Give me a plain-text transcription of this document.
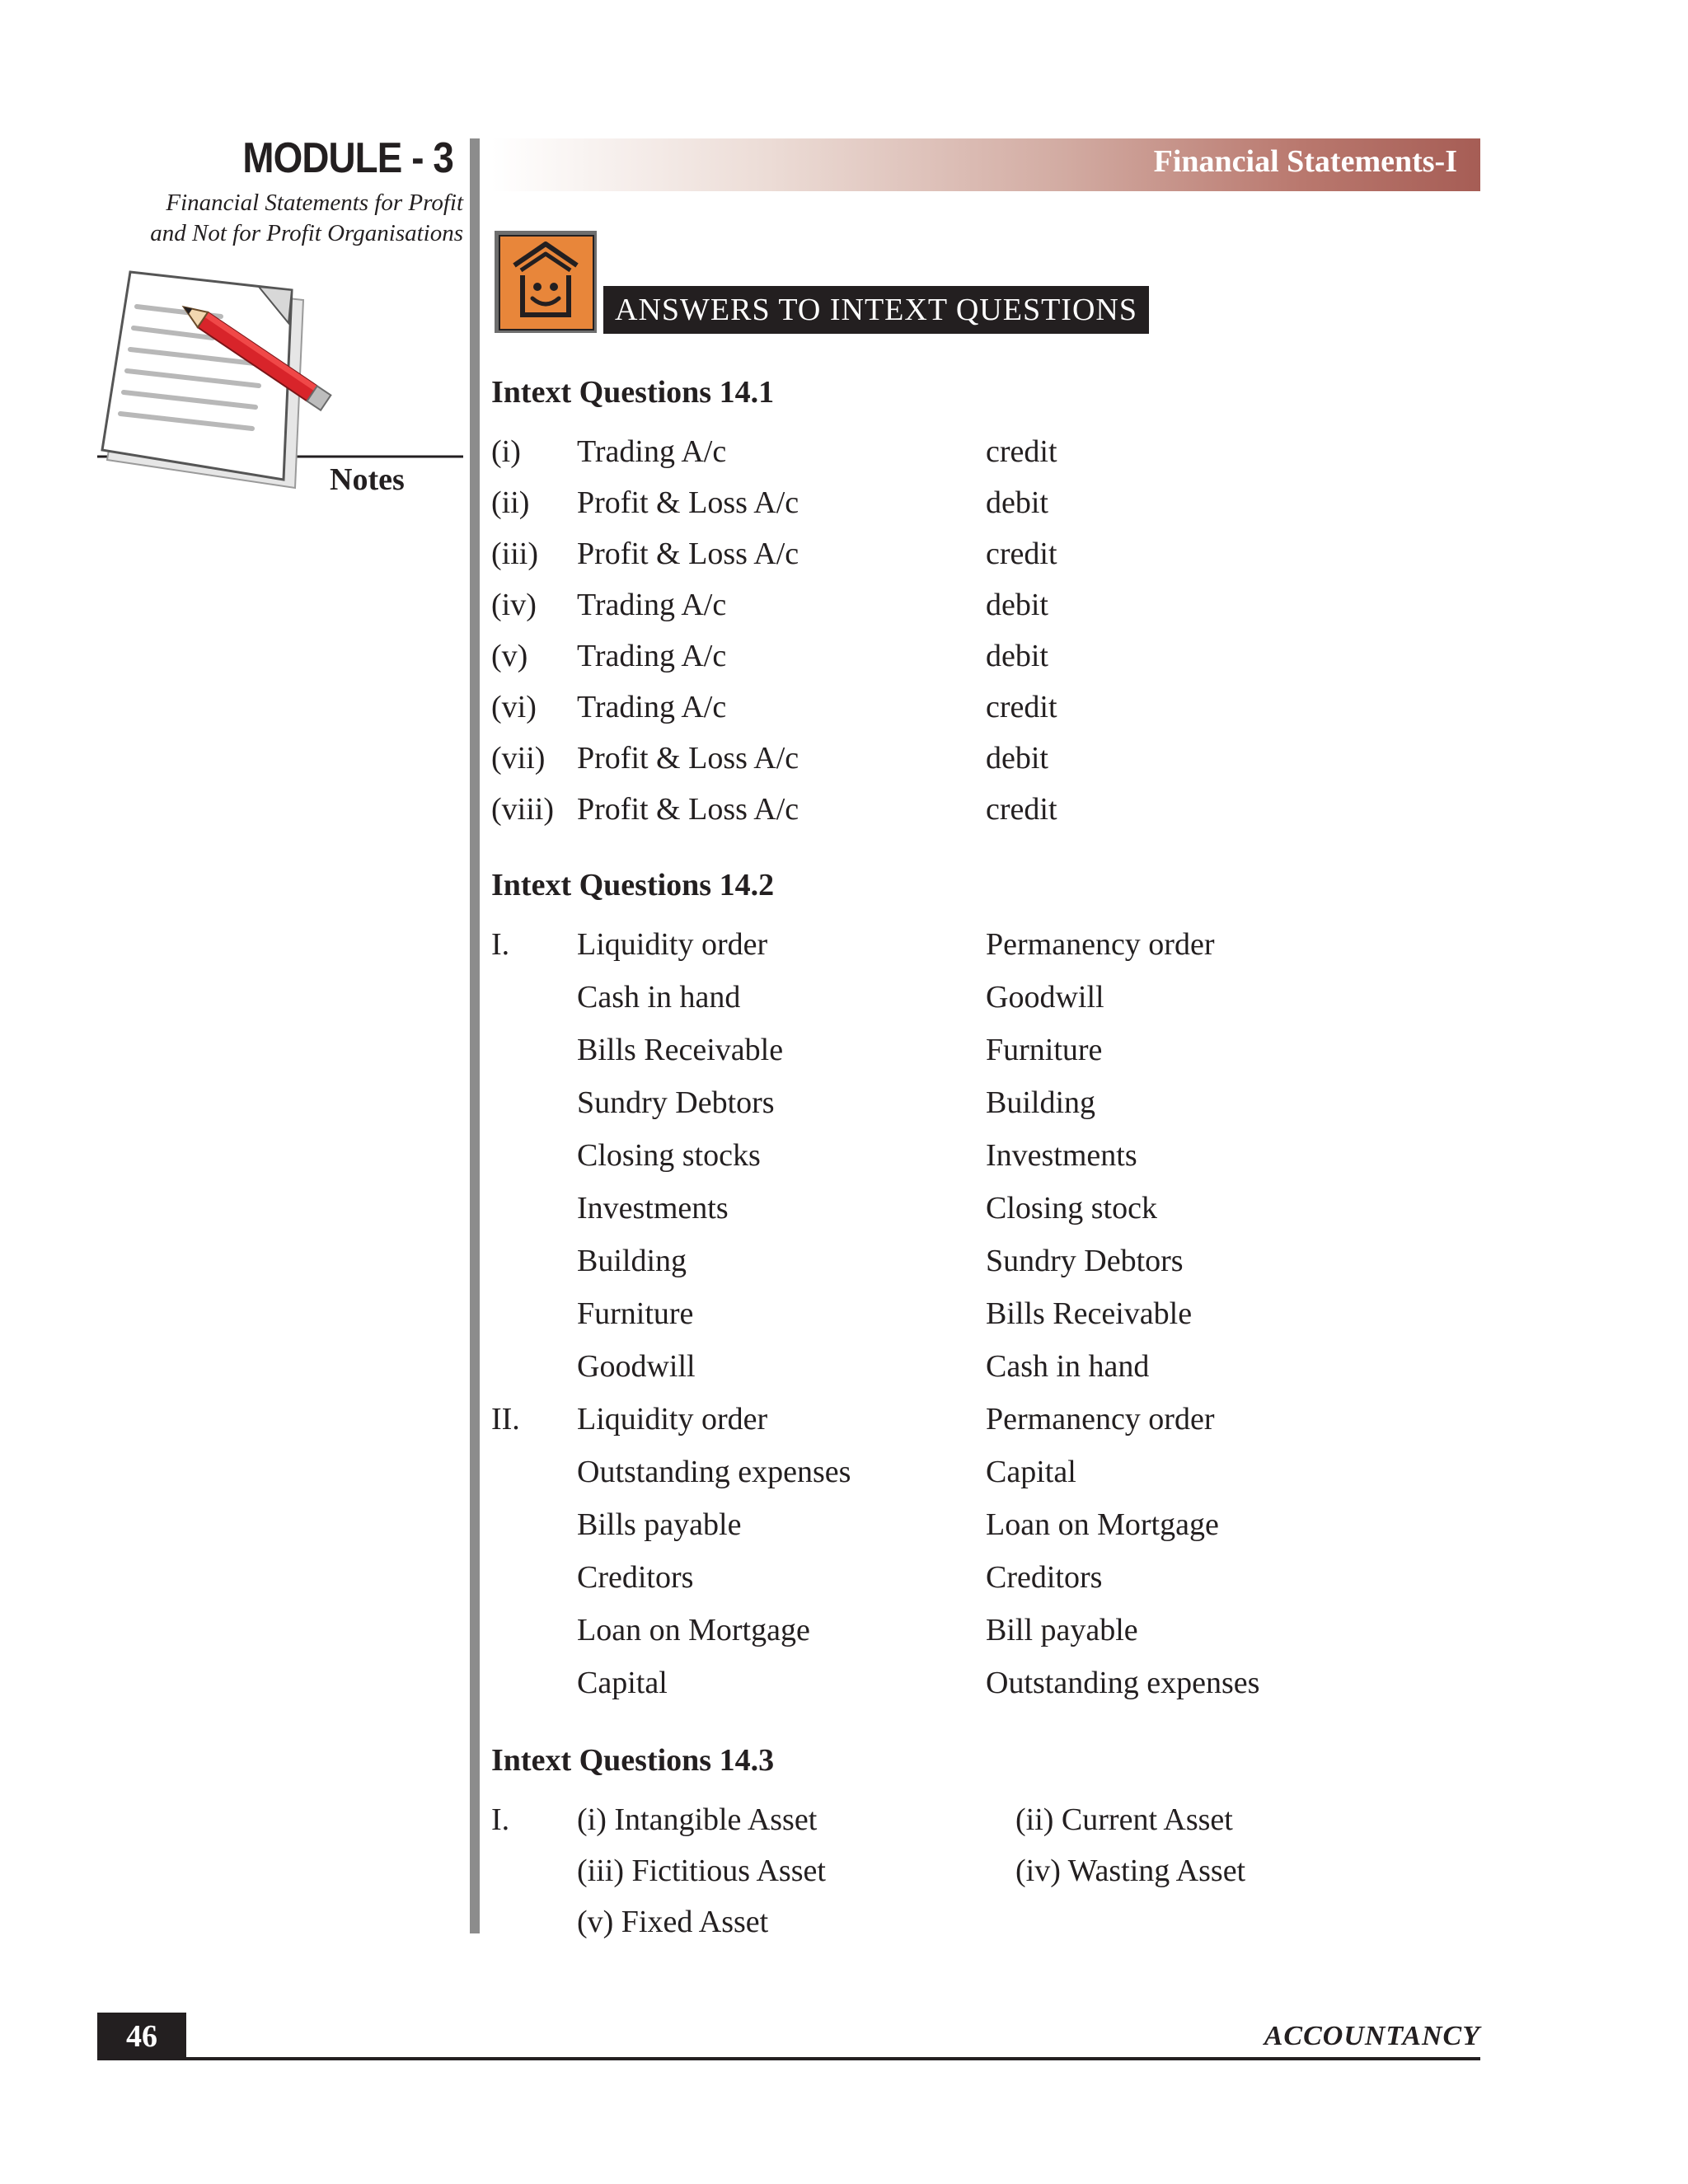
MODULE - 3
Financial Statements for Profit
and Not for Profit Organisations
Notes
Financial Statements-I
ANSWERS TO INTEXT QUESTIONS
Intext Questions 14.1
(i) Trading A/c	credit
(ii) Profit & Loss A/c	debit
(iii) Profit & Loss A/c	credit
(iv) Trading A/c	debit
(v) Trading A/c	debit
(vi) Trading A/c	credit
(vii) Profit & Loss A/c	debit
(viii) Profit & Loss A/c	credit
Intext Questions 14.2
I. Liquidity order	Permanency order
Cash in hand	Goodwill
Bills Receivable	Furniture
Sundry Debtors	Building
Closing stocks	Investments
Investments	Closing stock
Building	Sundry Debtors
Furniture	Bills Receivable
Goodwill	Cash in hand
II. Liquidity order	Permanency order
Outstanding expenses	Capital
Bills payable	Loan on Mortgage
Creditors	Creditors
Loan on Mortgage	Bill payable
Capital	Outstanding expenses
Intext Questions 14.3
I. (i) Intangible Asset	(ii) Current Asset
(iii) Fictitious Asset	(iv) Wasting Asset
(v) Fixed Asset
46	ACCOUNTANCY
